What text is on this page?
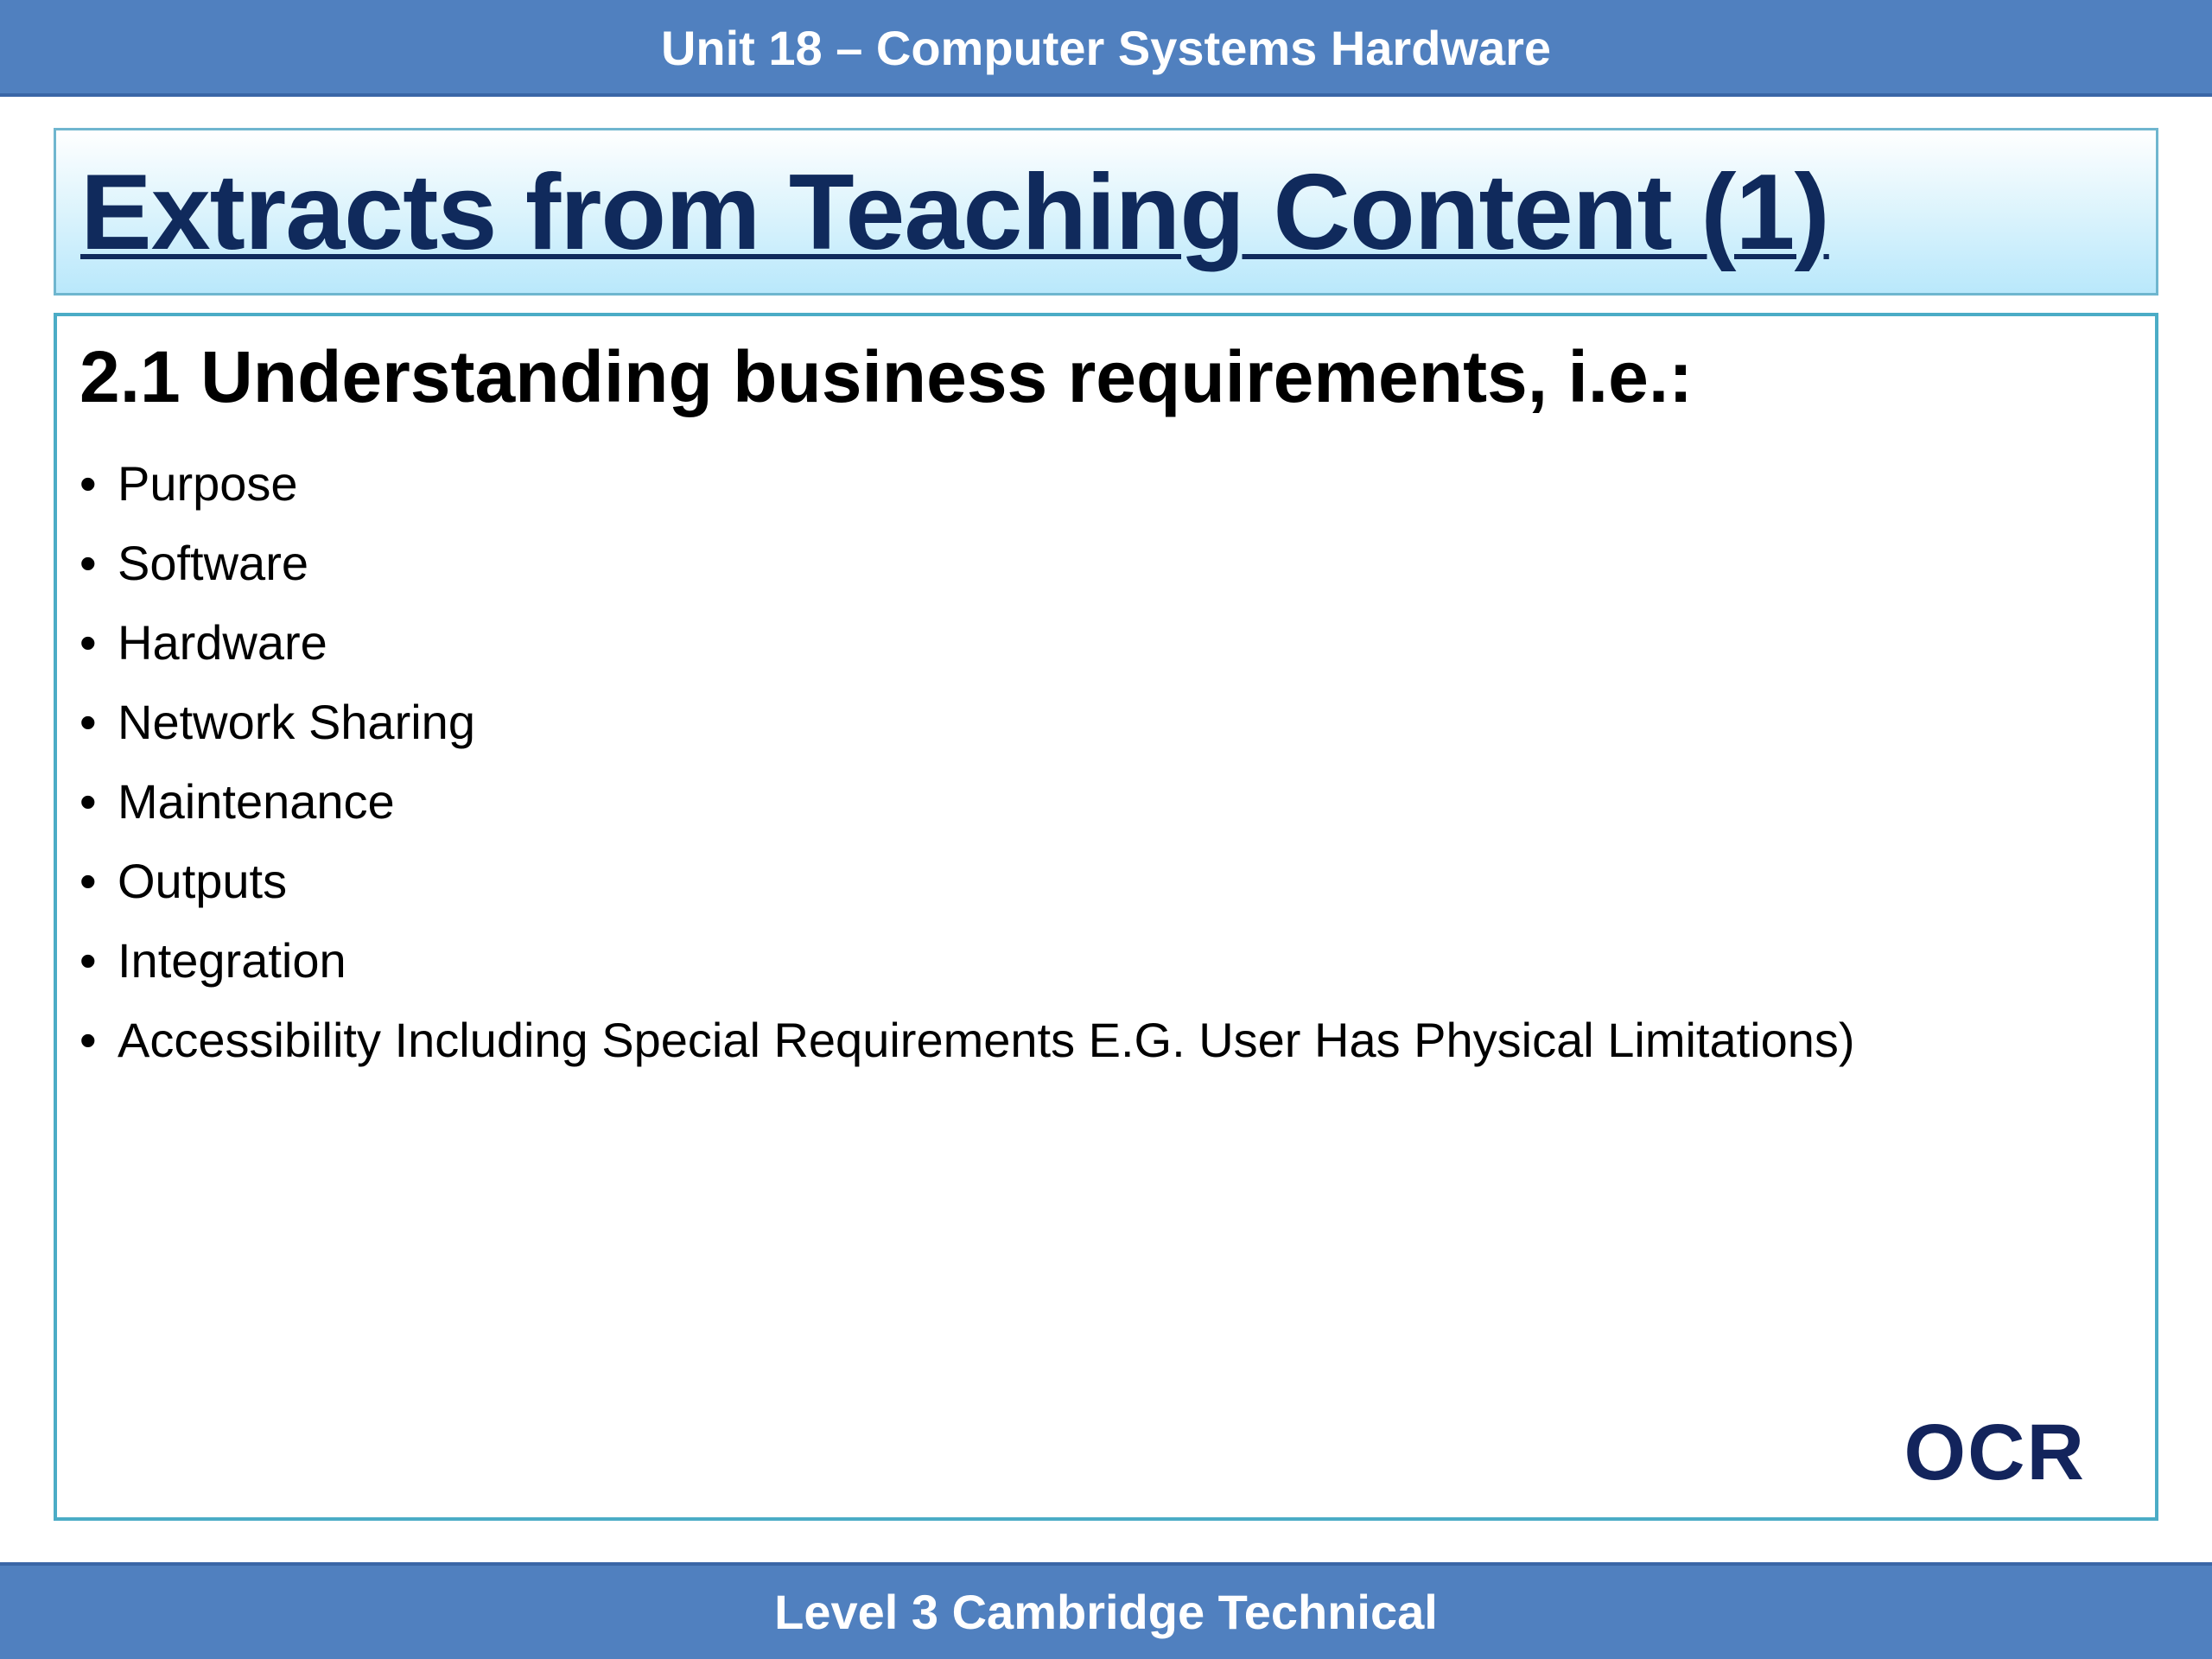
Unit 18 – Computer Systems Hardware
Extracts from Teaching Content (1)
2.1 Understanding business requirements, i.e.:
• Purpose
• Software
• Hardware
• Network Sharing
• Maintenance
• Outputs
• Integration
• Accessibility Including Special Requirements E.G. User Has Physical Limitations)
OCR
Level 3 Cambridge Technical
